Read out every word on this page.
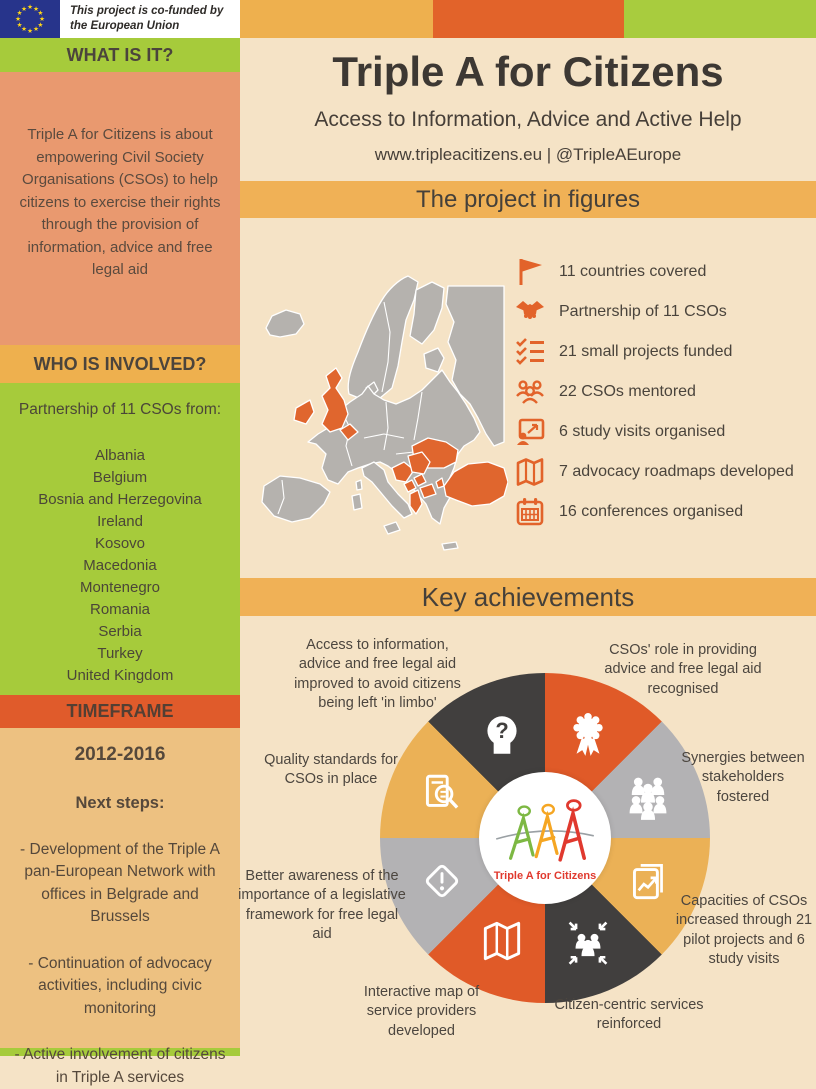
★ ★
★
★
★
★
★
★
★
★
★
★	This project is co-funded by the European Union
WHAT IS IT?

Triple A for Citizens is about empowering Civil Society Organisations (CSOs) to help citizens to exercise their rights through the provision of information, advice and free legal aid

WHO IS INVOLVED?

Partnership of 11 CSOs from:

Albania
Belgium
Bosnia and Herzegovina
Ireland
Kosovo
Macedonia
Montenegro
Romania
Serbia
Turkey
United Kingdom
TIMEFRAME

2012-2016

Next steps:

- Development of the Triple A pan-European Network with offices in Belgrade and Brussels

- Continuation of advocacy activities, including civic monitoring

- Active involvement of citizens in Triple A services

Triple A for Citizens
Access to Information, Advice and Active Help
www.tripleacitizens.eu | @TripleAEurope
The project in figures
11 countries covered
Partnership of 11 CSOs
21 small projects funded
22 CSOs mentored
6 study visits organised
7 advocacy roadmaps developed
16 conferences organised
Key achievements
?
Triple A for Citizens
Access to information, advice and free legal aid improved to avoid citizens being left 'in limbo'
CSOs' role in providing advice and free legal aid recognised
Synergies between stakeholders fostered
Capacities of CSOs increased through 21 pilot projects and 6 study visits
Citizen-centric services reinforced
Interactive map of service providers developed
Better awareness of the importance of a legislative framework for free legal aid
Quality standards for CSOs in place
